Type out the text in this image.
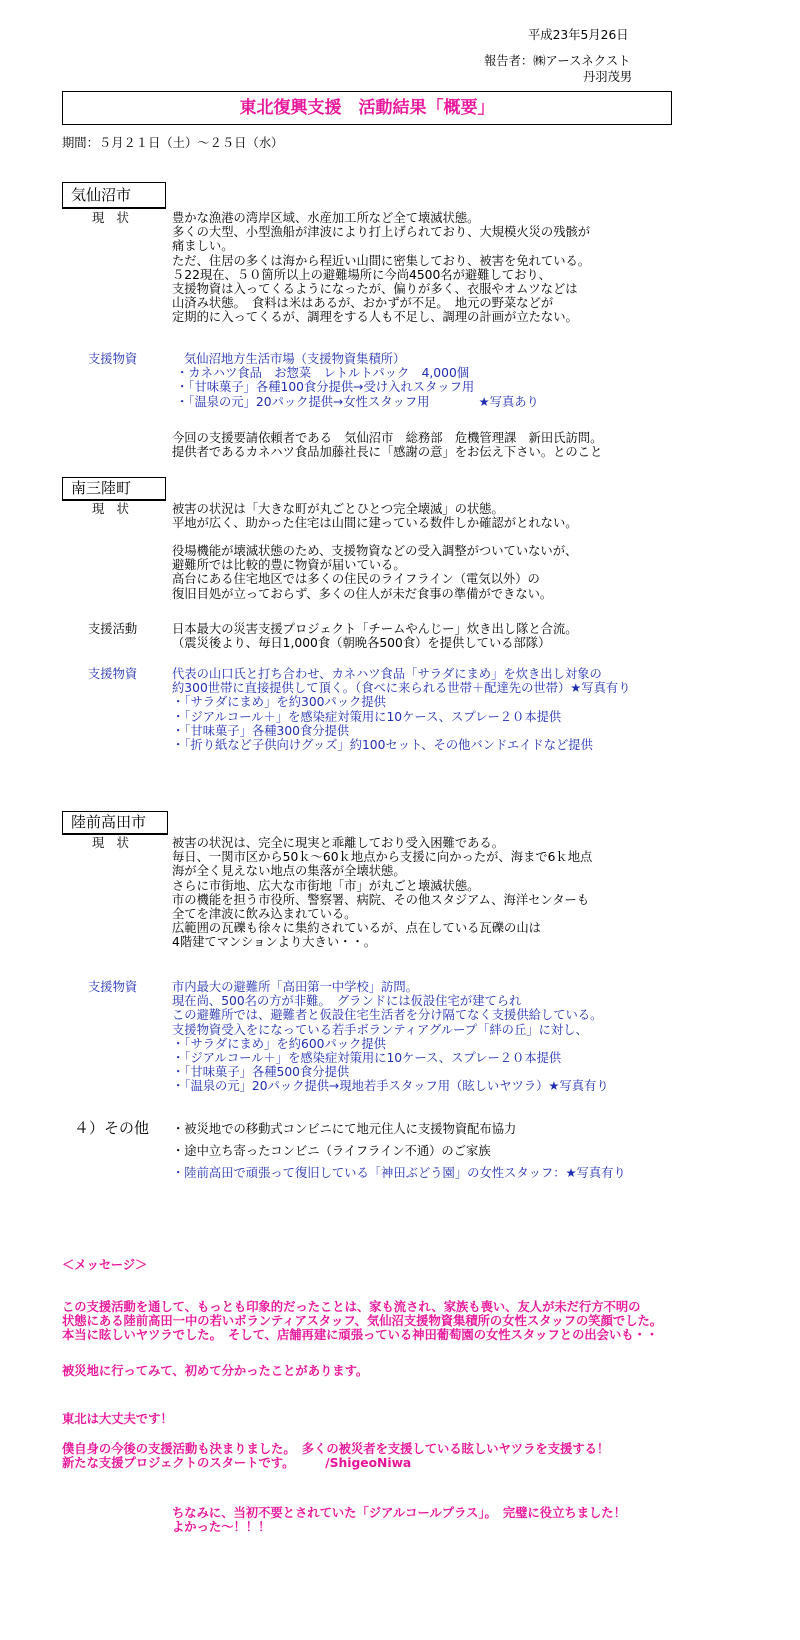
平成23年5月26日
報告者：㈱アースネクスト
丹羽茂男
東北復興支援　活動結果「概要」
期間：５月２１日（土）～２５日（水）
気仙沼市
現　状	豊かな漁港の湾岸区域、水産加工所など全て壊滅状態。
多くの大型、小型漁船が津波により打上げられており、大規模火災の残骸が
痛ましい。
ただ、住居の多くは海から程近い山間に密集しており、被害を免れている。
５22現在、５０箇所以上の避難場所に今尚4500名が避難しており、
支援物資は入ってくるようになったが、偏りが多く、衣服やオムツなどは
山済み状態。　食料は米はあるが、おかずが不足。　地元の野菜などが
定期的に入ってくるが、調理をする人も不足し、調理の計画が立たない。
支援物資	気仙沼地方生活市場（支援物資集積所）
・カネハツ食品　お惣菜　レトルトパック　4,000個
・「甘味菓子」各種100食分提供→受け入れスタッフ用
・「温泉の元」20パック提供→女性スタッフ用　　　　★写真あり
今回の支援要請依頼者である　気仙沼市　総務部　危機管理課　新田氏訪問。
提供者であるカネハツ食品加藤社長に「感謝の意」をお伝え下さい。とのこと
南三陸町
現　状	被害の状況は「大きな町が丸ごとひとつ完全壊滅」の状態。
平地が広く、助かった住宅は山間に建っている数件しか確認がとれない。
役場機能が壊滅状態のため、支援物資などの受入調整がついていないが、
避難所では比較的豊に物資が届いている。
高台にある住宅地区では多くの住民のライフライン（電気以外）の
復旧目処が立っておらず、多くの住人が未だ食事の準備ができない。
支援活動	日本最大の災害支援プロジェクト「チームやんじー」炊き出し隊と合流。
（震災後より、毎日1,000食（朝晩各500食）を提供している部隊）
支援物資	代表の山口氏と打ち合わせ、カネハツ食品「サラダにまめ」を炊き出し対象の
約300世帯に直接提供して頂く。（食べに来られる世帯＋配達先の世帯）★写真有り
・「サラダにまめ」を約300パック提供
・「ジアルコール＋」を感染症対策用に10ケース、スプレー２０本提供
・「甘味菓子」各種300食分提供
・「折り紙など子供向けグッズ」約100セット、その他バンドエイドなど提供
陸前高田市
現　状	被害の状況は、完全に現実と乖離しており受入困難である。
毎日、一関市区から50ｋ～60ｋ地点から支援に向かったが、海まで6ｋ地点
海が全く見えない地点の集落が全壊状態。
さらに市街地、広大な市街地「市」が丸ごと壊滅状態。
市の機能を担う市役所、警察署、病院、その他スタジアム、海洋センターも
全てを津波に飲み込まれている。
広範囲の瓦礫も徐々に集約されているが、点在している瓦礫の山は
4階建てマンションより大きい・・。
支援物資	市内最大の避難所「高田第一中学校」訪問。
現在尚、500名の方が非難。　グランドには仮設住宅が建てられ
この避難所では、避難者と仮設住宅生活者を分け隔てなく支援供給している。
支援物資受入をになっている若手ボランティアグループ「絆の丘」に対し、
・「サラダにまめ」を約600パック提供
・「ジアルコール＋」を感染症対策用に10ケース、スプレー２０本提供
・「甘味菓子」各種500食分提供
・「温泉の元」20パック提供→現地若手スタッフ用（眩しいヤツラ）★写真有り
４）その他 ・被災地での移動式コンビニにて地元住人に支援物資配布協力
・途中立ち寄ったコンビニ（ライフライン不通）のご家族
・陸前高田で頑張って復旧している「神田ぶどう園」の女性スタッフ：★写真有り
＜メッセージ＞
この支援活動を通して、もっとも印象的だったことは、家も流され、家族も喪い、友人が未だ行方不明の
状態にある陸前高田一中の若いボランティアスタッフ、気仙沼支援物資集積所の女性スタッフの笑顔でした。
本当に眩しいヤツラでした。　そして、店舗再建に頑張っている神田葡萄園の女性スタッフとの出会いも・・
被災地に行ってみて、初めて分かったことがあります。
東北は大丈夫です！
僕自身の今後の支援活動も決まりました。　多くの被災者を支援している眩しいヤツラを支援する！
新たな支援プロジェクトのスタートです。　　　/ShigeoNiwa
ちなみに、当初不要とされていた「ジアルコールプラス」。　完璧に役立ちました！
よかった～！！！
